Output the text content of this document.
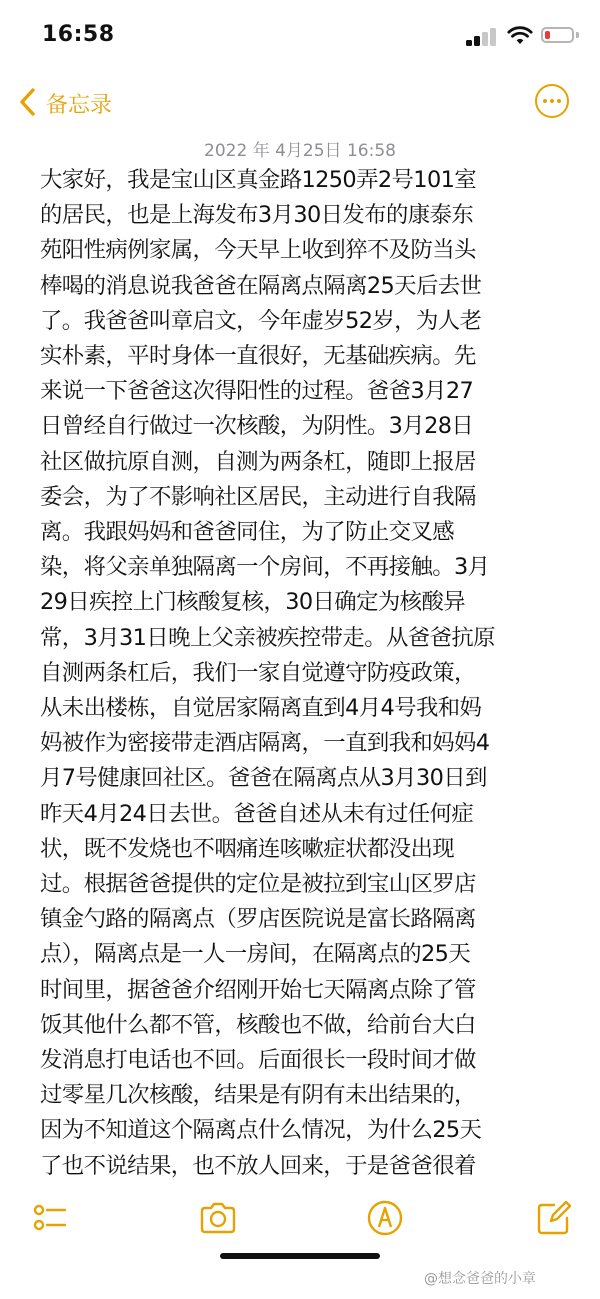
16:58
备忘录
2022 年 4月25日 16:58
大家好，我是宝山区真金路1250弄2号101室
的居民，也是上海发布3月30日发布的康泰东
苑阳性病例家属，今天早上收到猝不及防当头
棒喝的消息说我爸爸在隔离点隔离25天后去世
了。我爸爸叫章启文，今年虚岁52岁，为人老
实朴素，平时身体一直很好，无基础疾病。先
来说一下爸爸这次得阳性的过程。爸爸3月27
日曾经自行做过一次核酸，为阴性。3月28日
社区做抗原自测，自测为两条杠，随即上报居
委会，为了不影响社区居民，主动进行自我隔
离。我跟妈妈和爸爸同住，为了防止交叉感
染，将父亲单独隔离一个房间，不再接触。3月
29日疾控上门核酸复核，30日确定为核酸异
常，3月31日晚上父亲被疾控带走。从爸爸抗原
自测两条杠后，我们一家自觉遵守防疫政策，
从未出楼栋，自觉居家隔离直到4月4号我和妈
妈被作为密接带走酒店隔离，一直到我和妈妈4
月7号健康回社区。爸爸在隔离点从3月30日到
昨天4月24日去世。爸爸自述从未有过任何症
状，既不发烧也不咽痛连咳嗽症状都没出现
过。根据爸爸提供的定位是被拉到宝山区罗店
镇金勺路的隔离点（罗店医院说是富长路隔离
点），隔离点是一人一房间，在隔离点的25天
时间里，据爸爸介绍刚开始七天隔离点除了管
饭其他什么都不管，核酸也不做，给前台大白
发消息打电话也不回。后面很长一段时间才做
过零星几次核酸，结果是有阴有未出结果的，
因为不知道这个隔离点什么情况，为什么25天
了也不说结果，也不放人回来，于是爸爸很着
@想念爸爸的小章
